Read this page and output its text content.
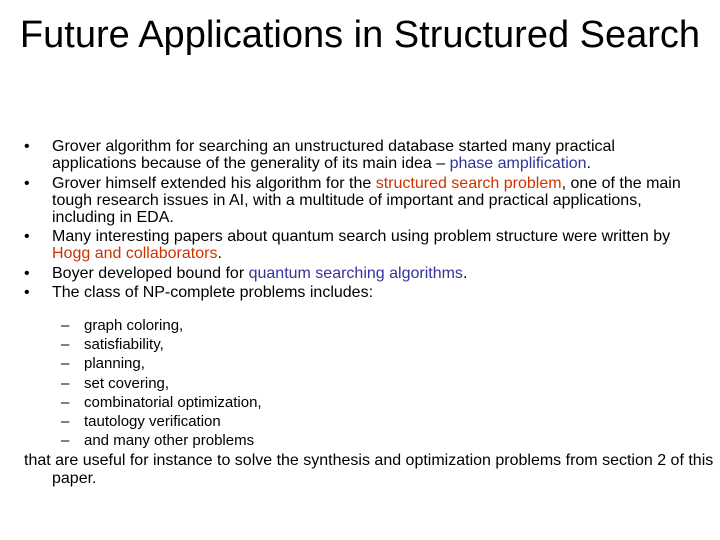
Future Applications in Structured Search
• Grover algorithm for searching an unstructured database started many practical applications because of the generality of its main idea – phase amplification.
• Grover himself extended his algorithm for the structured search problem, one of the main tough research issues in AI, with a multitude of important and practical applications, including in EDA.
• Many interesting papers about quantum search using problem structure were written by Hogg and collaborators.
• Boyer developed bound for quantum searching algorithms.
• The class of NP-complete problems includes:
– graph coloring,
– satisfiability,
– planning,
– set covering,
– combinatorial optimization,
– tautology verification
– and many other problems
that are useful for instance to solve the synthesis and optimization problems from section 2 of this paper.
